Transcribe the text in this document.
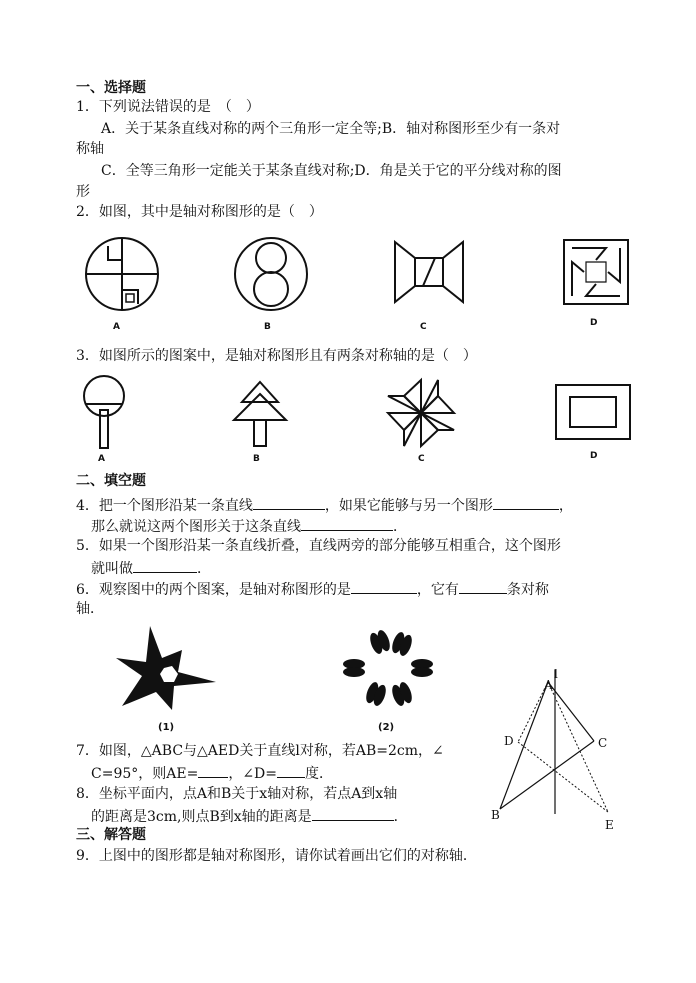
一、选择题
1．下列说法错误的是　（　）
A．关于某条直线对称的两个三角形一定全等;B．轴对称图形至少有一条对
称轴
C．全等三角形一定能关于某条直线对称;D．角是关于它的平分线对称的图
形
2．如图，其中是轴对称图形的是（　）
A	B	C	D
3．如图所示的图案中，是轴对称图形且有两条对称轴的是（　）
A	B	C	D
二、填空题
4．把一个图形沿某一条直线	，如果它能够与另一个图形	，
那么就说这两个图形关于这条直线	．
5．如果一个图形沿某一条直线折叠，直线两旁的部分能够互相重合，这个图形
就叫做	．
6．观察图中的两个图案，是轴对称图形的是	，它有	条对称
轴．
(1)	(2)
A
l
D	C
B
E
7．如图，△ABC与△AED关于直线l对称，若AB=2cm，∠
C=95°，则AE= ，∠D= 度．
8．坐标平面内，点A和B关于x轴对称，若点A到x轴
的距离是3cm,则点B到x轴的距离是	．
三、解答题
9．上图中的图形都是轴对称图形，请你试着画出它们的对称轴．
